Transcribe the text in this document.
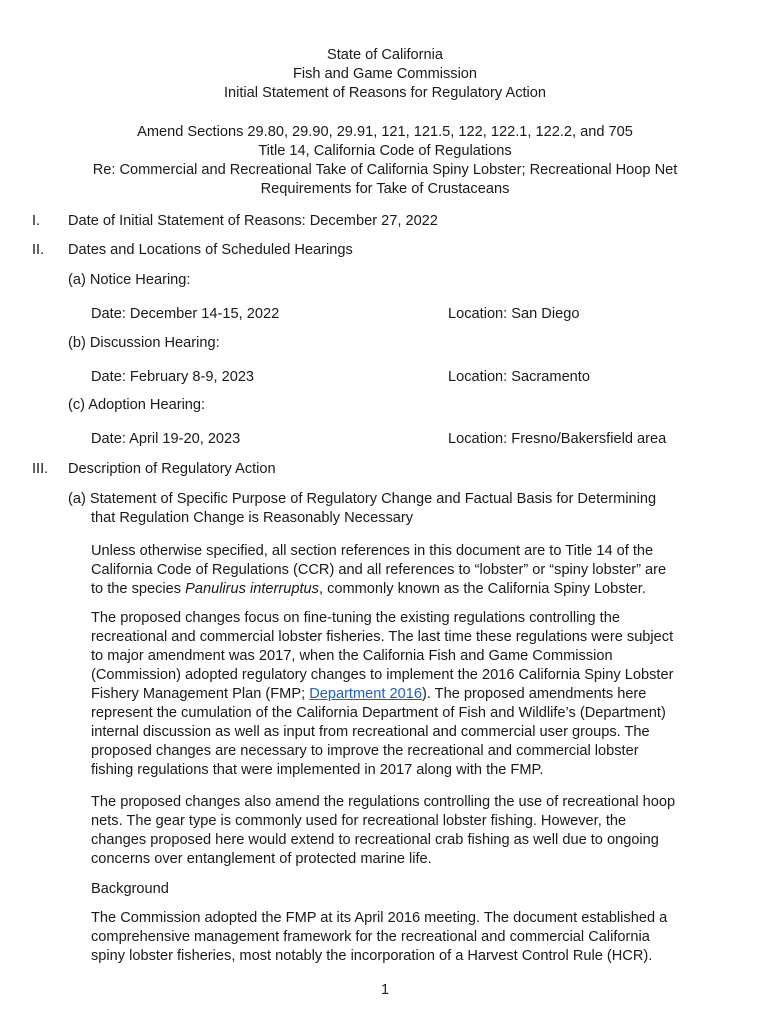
State of California
Fish and Game Commission
Initial Statement of Reasons for Regulatory Action
Amend Sections 29.80, 29.90, 29.91, 121, 121.5, 122, 122.1, 122.2, and 705
Title 14, California Code of Regulations
Re: Commercial and Recreational Take of California Spiny Lobster; Recreational Hoop Net
Requirements for Take of Crustaceans
I. Date of Initial Statement of Reasons: December 27, 2022
II. Dates and Locations of Scheduled Hearings
(a) Notice Hearing:
Date: December 14-15, 2022	Location: San Diego
(b) Discussion Hearing:
Date: February 8-9, 2023	Location: Sacramento
(c) Adoption Hearing:
Date: April 19-20, 2023	Location: Fresno/Bakersfield area
III. Description of Regulatory Action
(a) Statement of Specific Purpose of Regulatory Change and Factual Basis for Determining
that Regulation Change is Reasonably Necessary
Unless otherwise specified, all section references in this document are to Title 14 of the
California Code of Regulations (CCR) and all references to “lobster” or “spiny lobster” are
to the species Panulirus interruptus, commonly known as the California Spiny Lobster.
The proposed changes focus on fine-tuning the existing regulations controlling the
recreational and commercial lobster fisheries. The last time these regulations were subject
to major amendment was 2017, when the California Fish and Game Commission
(Commission) adopted regulatory changes to implement the 2016 California Spiny Lobster
Fishery Management Plan (FMP; Department 2016). The proposed amendments here
represent the cumulation of the California Department of Fish and Wildlife’s (Department)
internal discussion as well as input from recreational and commercial user groups. The
proposed changes are necessary to improve the recreational and commercial lobster
fishing regulations that were implemented in 2017 along with the FMP.
The proposed changes also amend the regulations controlling the use of recreational hoop
nets. The gear type is commonly used for recreational lobster fishing. However, the
changes proposed here would extend to recreational crab fishing as well due to ongoing
concerns over entanglement of protected marine life.
Background
The Commission adopted the FMP at its April 2016 meeting. The document established a
comprehensive management framework for the recreational and commercial California
spiny lobster fisheries, most notably the incorporation of a Harvest Control Rule (HCR).
1
